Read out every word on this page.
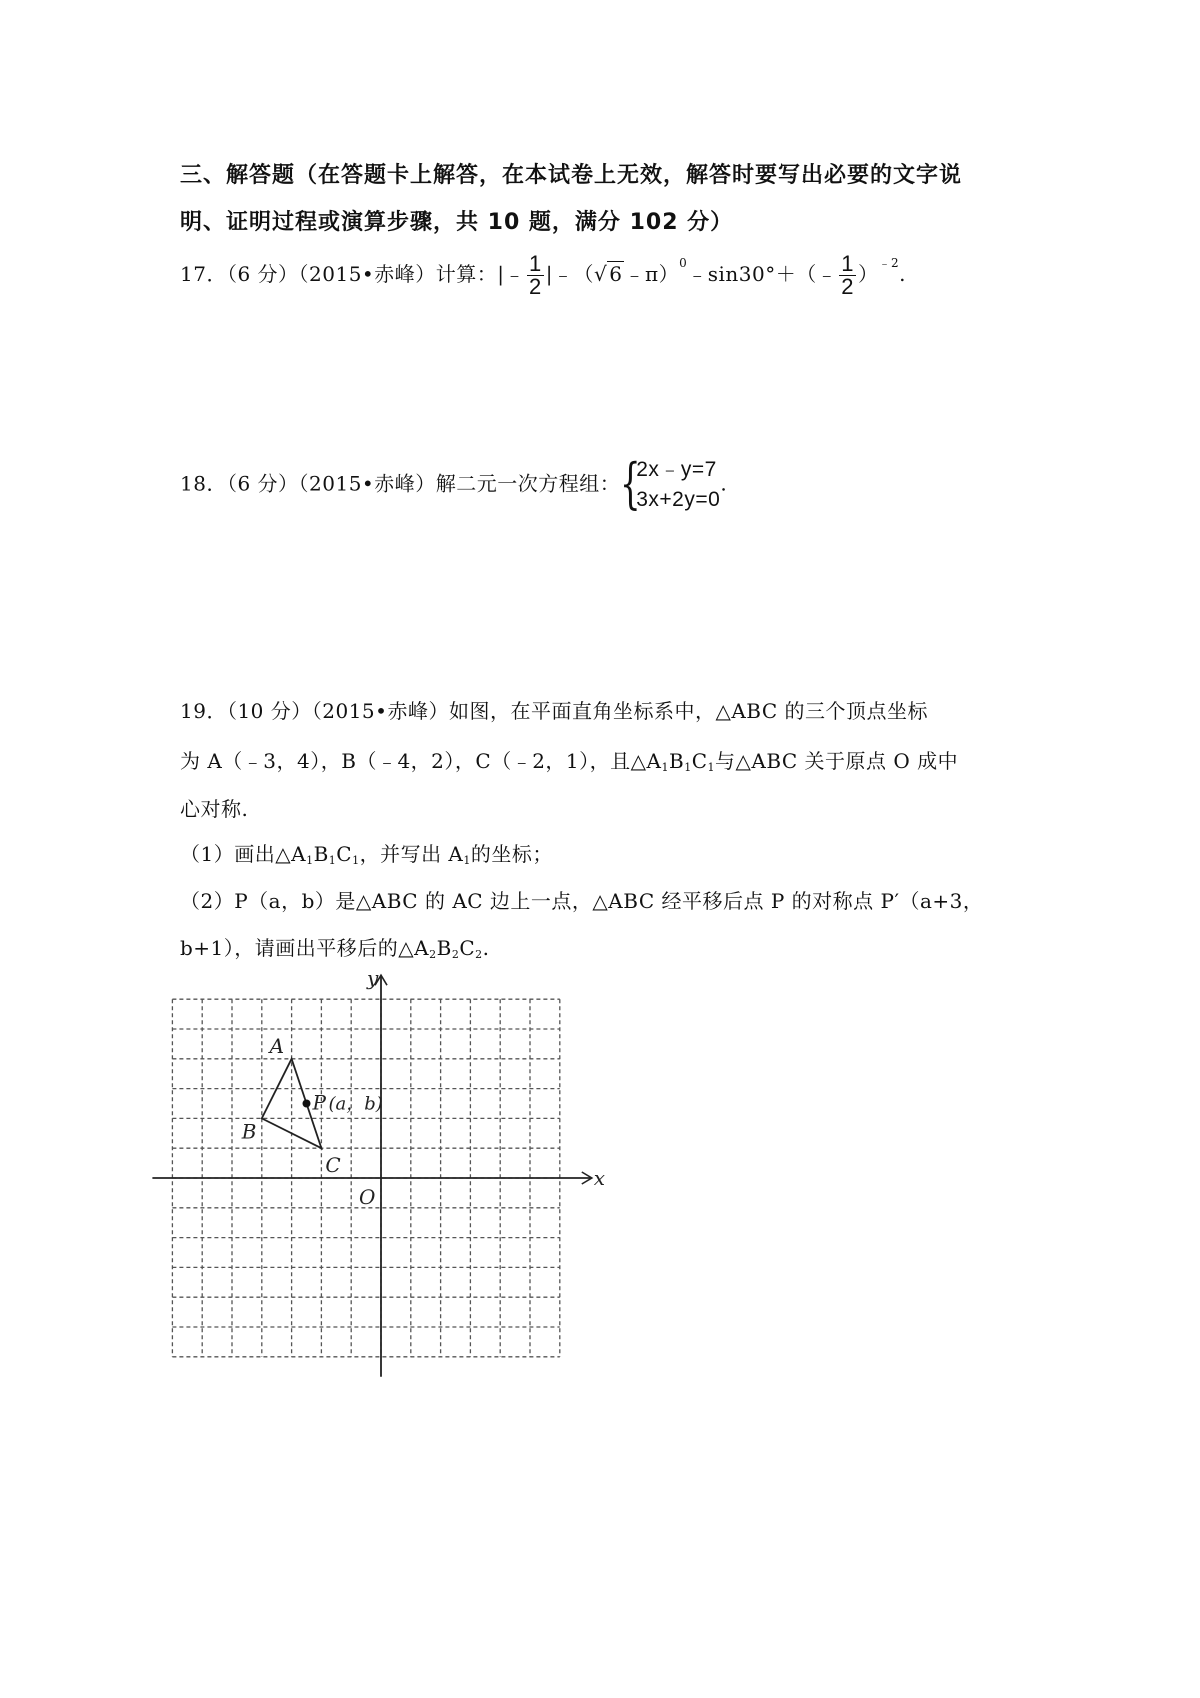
三、解答题（在答题卡上解答，在本试卷上无效，解答时要写出必要的文字说
明、证明过程或演算步骤，共 10 题，满分 102 分）
17．（6 分）（2015•赤峰）计算：|﹣ $\frac{1}{2}$ |﹣（√ 6 ﹣π）$^0$﹣sin30°＋（﹣ $\frac{1}{2} )^{﹣2}$.
18．（6 分）（2015•赤峰）解二元一次方程组： {
2x﹣y=7
3x+2y=0
.
19．（10 分）（2015•赤峰）如图，在平面直角坐标系中，△ABC 的三个顶点坐标
为 A（﹣3，4），B（﹣4，2），C（﹣2，1），且$\triangle A_1B_1C_1$与△ABC 关于原点 O 成中
心对称.
（1）画出$\triangle A_1B_1C_1$，并写出 $A_1$的坐标；
（2）P（a，b）是△ABC 的 AC 边上一点，△ABC 经平移后点 P 的对称点 P′（a+3，
b+1），请画出平移后的$\triangle A_2B_2C_2$.
y
x
O
A
B
C
P (a，b)
